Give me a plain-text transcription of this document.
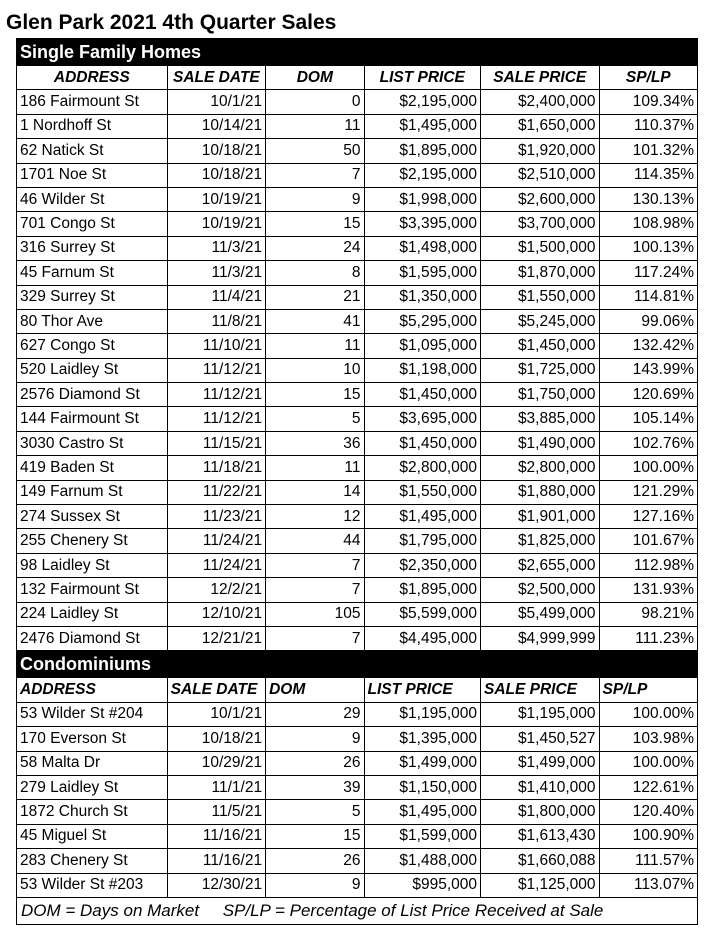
Glen Park 2021 4th Quarter Sales
Single Family Homes					
ADDRESS	SALE DATE	DOM	LIST PRICE	SALE PRICE	SP/LP
186 Fairmount St	10/1/21	0	$2,195,000	$2,400,000	109.34%
1 Nordhoff St	10/14/21	11	$1,495,000	$1,650,000	110.37%
62 Natick St	10/18/21	50	$1,895,000	$1,920,000	101.32%
1701 Noe St	10/18/21	7	$2,195,000	$2,510,000	114.35%
46 Wilder St	10/19/21	9	$1,998,000	$2,600,000	130.13%
701 Congo St	10/19/21	15	$3,395,000	$3,700,000	108.98%
316 Surrey St	11/3/21	24	$1,498,000	$1,500,000	100.13%
45 Farnum St	11/3/21	8	$1,595,000	$1,870,000	117.24%
329 Surrey St	11/4/21	21	$1,350,000	$1,550,000	114.81%
80 Thor Ave	11/8/21	41	$5,295,000	$5,245,000	99.06%
627 Congo St	11/10/21	11	$1,095,000	$1,450,000	132.42%
520 Laidley St	11/12/21	10	$1,198,000	$1,725,000	143.99%
2576 Diamond St	11/12/21	15	$1,450,000	$1,750,000	120.69%
144 Fairmount St	11/12/21	5	$3,695,000	$3,885,000	105.14%
3030 Castro St	11/15/21	36	$1,450,000	$1,490,000	102.76%
419 Baden St	11/18/21	11	$2,800,000	$2,800,000	100.00%
149 Farnum St	11/22/21	14	$1,550,000	$1,880,000	121.29%
274 Sussex St	11/23/21	12	$1,495,000	$1,901,000	127.16%
255 Chenery St	11/24/21	44	$1,795,000	$1,825,000	101.67%
98 Laidley St	11/24/21	7	$2,350,000	$2,655,000	112.98%
132 Fairmount St	12/2/21	7	$1,895,000	$2,500,000	131.93%
224 Laidley St	12/10/21	105	$5,599,000	$5,499,000	98.21%
2476 Diamond St	12/21/21	7	$4,495,000	$4,999,999	111.23%
Condominiums					
ADDRESS	SALE DATE	DOM	LIST PRICE	SALE PRICE	SP/LP
53 Wilder St #204	10/1/21	29	$1,195,000	$1,195,000	100.00%
170 Everson St	10/18/21	9	$1,395,000	$1,450,527	103.98%
58 Malta Dr	10/29/21	26	$1,499,000	$1,499,000	100.00%
279 Laidley St	11/1/21	39	$1,150,000	$1,410,000	122.61%
1872 Church St	11/5/21	5	$1,495,000	$1,800,000	120.40%
45 Miguel St	11/16/21	15	$1,599,000	$1,613,430	100.90%
283 Chenery St	11/16/21	26	$1,488,000	$1,660,088	111.57%
53 Wilder St #203	12/30/21	9	$995,000	$1,125,000	113.07%
DOM = Days on Market     SP/LP = Percentage of List Price Received at Sale					
